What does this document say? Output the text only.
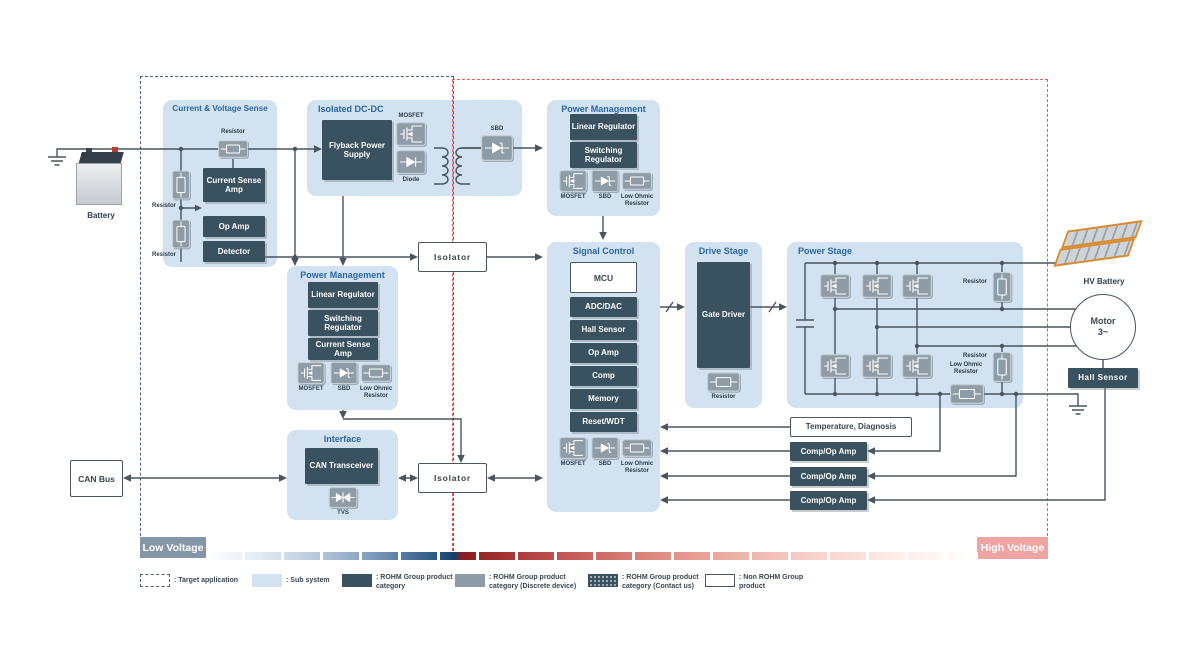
Current & Voltage Sense	Isolated DC-DC	Power Management
Power Management
Interface
Signal Control	Drive Stage	Power Stage
Battery
CAN Bus
Resistor
Resistor
Resistor
Current Sense Amp
Op Amp
Detector
Flyback Power Supply
MOSFET
Diode
SBD	Linear Regulator
Switching Regulator
MOSFET	SBD	Low Ohmic Resistor
Linear Regulator
Switching Regulator
Current Sense Amp
MOSFET	SBD	Low Ohmic Resistor
CAN Transceiver
TVS
Isolator
Isolator
MCU
ADC/DAC
Hall Sensor
Op Amp
Comp
Memory
Reset/WDT
MOSFET	SBD	Low Ohmic Resistor
Gate Driver
Resistor
Resistor
Resistor
Low Ohmic Resistor
Temperature, Diagnosis
Comp/Op Amp
Comp/Op Amp
Comp/Op Amp
HV Battery
Motor
3~
Hall Sensor
Low Voltage	High Voltage
: Target application	: Sub system	: ROHM Group product category
: ROHM Group product category (Discrete device)
: ROHM Group product category (Contact us)
: Non ROHM Group product
